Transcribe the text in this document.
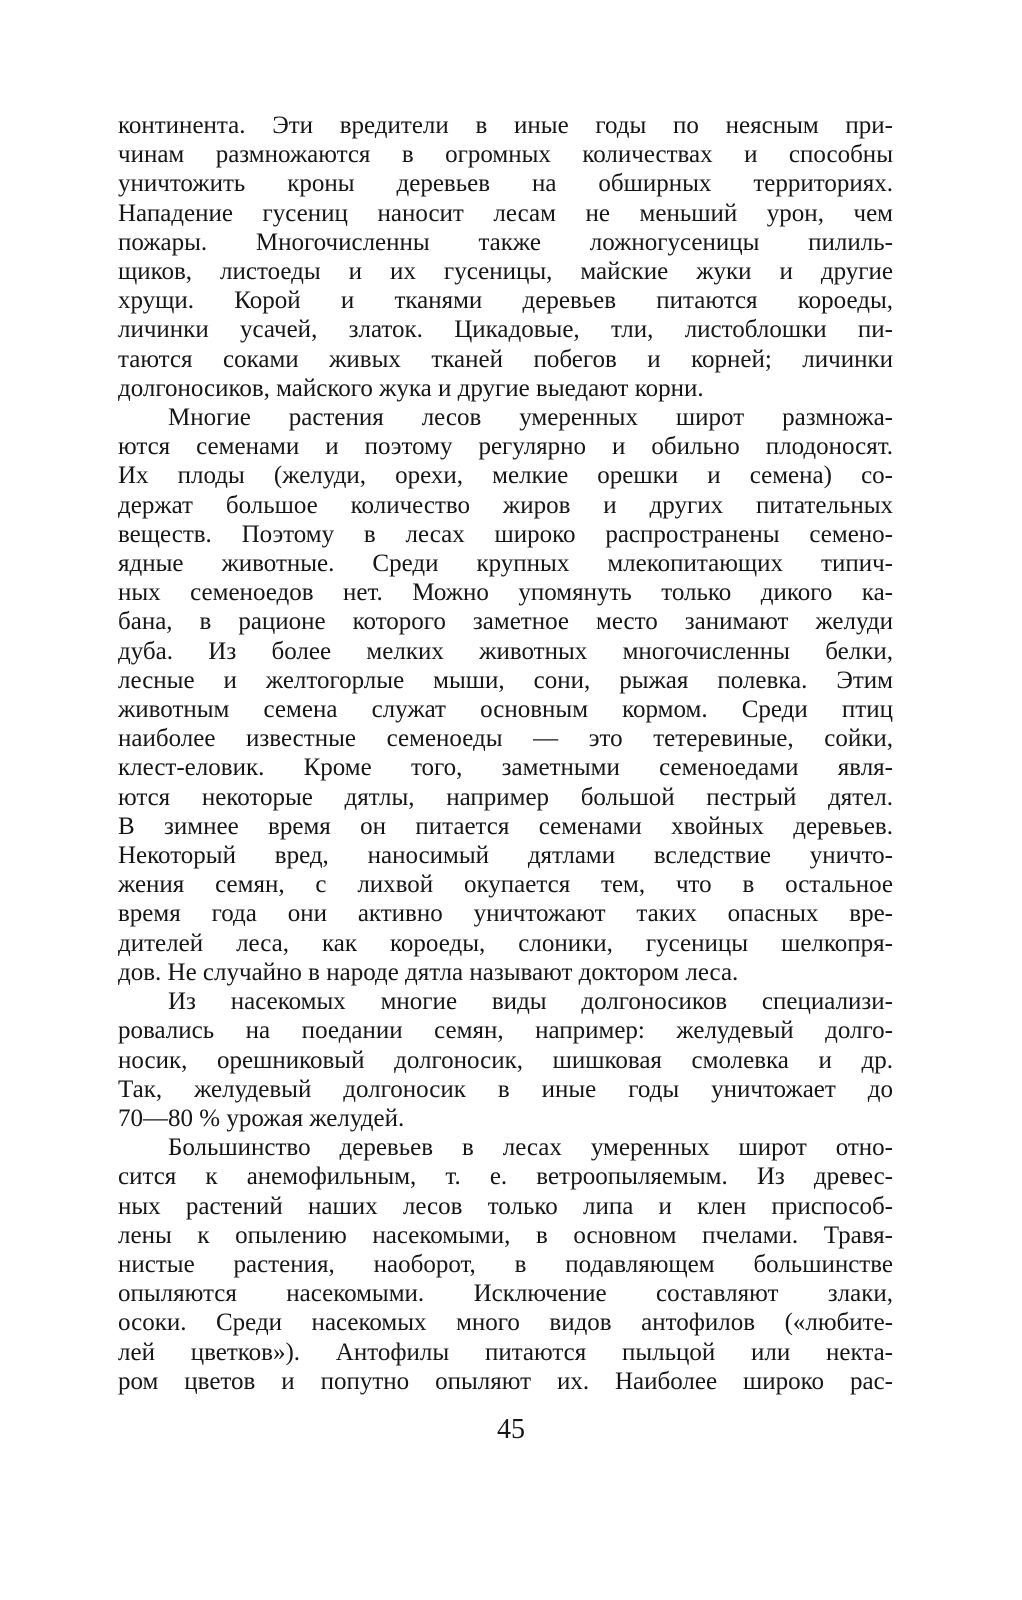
континента. Эти вредители в иные годы по неясным при-
чинам размножаются в огромных количествах и способны
уничтожить кроны деревьев на обширных территориях.
Нападение гусениц наносит лесам не меньший урон, чем
пожары. Многочисленны также ложногусеницы пилиль-
щиков, листоеды и их гусеницы, майские жуки и другие
хрущи. Корой и тканями деревьев питаются короеды,
личинки усачей, златок. Цикадовые, тли, листоблошки пи-
таются соками живых тканей побегов и корней; личинки
долгоносиков, майского жука и другие выедают корни.

Многие растения лесов умеренных широт размножа-
ются семенами и поэтому регулярно и обильно плодоносят.
Их плоды (желуди, орехи, мелкие орешки и семена) со-
держат большое количество жиров и других питательных
веществ. Поэтому в лесах широко распространены семено-
ядные животные. Среди крупных млекопитающих типич-
ных семеноедов нет. Можно упомянуть только дикого ка-
бана, в рационе которого заметное место занимают желуди
дуба. Из более мелких животных многочисленны белки,
лесные и желтогорлые мыши, сони, рыжая полевка. Этим
животным семена служат основным кормом. Среди птиц
наиболее известные семеноеды — это тетеревиные, сойки,
клест-еловик. Кроме того, заметными семеноедами явля-
ются некоторые дятлы, например большой пестрый дятел.
В зимнее время он питается семенами хвойных деревьев.
Некоторый вред, наносимый дятлами вследствие уничто-
жения семян, с лихвой окупается тем, что в остальное
время года они активно уничтожают таких опасных вре-
дителей леса, как короеды, слоники, гусеницы шелкопря-
дов. Не случайно в народе дятла называют доктором леса.

Из насекомых многие виды долгоносиков специализи-
ровались на поедании семян, например: желудевый долго-
носик, орешниковый долгоносик, шишковая смолевка и др.
Так, желудевый долгоносик в иные годы уничтожает до
70—80 % урожая желудей.

Большинство деревьев в лесах умеренных широт отно-
сится к анемофильным, т. е. ветроопыляемым. Из древес-
ных растений наших лесов только липа и клен приспособ-
лены к опылению насекомыми, в основном пчелами. Травя-
нистые растения, наоборот, в подавляющем большинстве
опыляются насекомыми. Исключение составляют злаки,
осоки. Среди насекомых много видов антофилов («любите-
лей цветков»). Антофилы питаются пыльцой или некта-
ром цветов и попутно опыляют их. Наиболее широко рас-

45
